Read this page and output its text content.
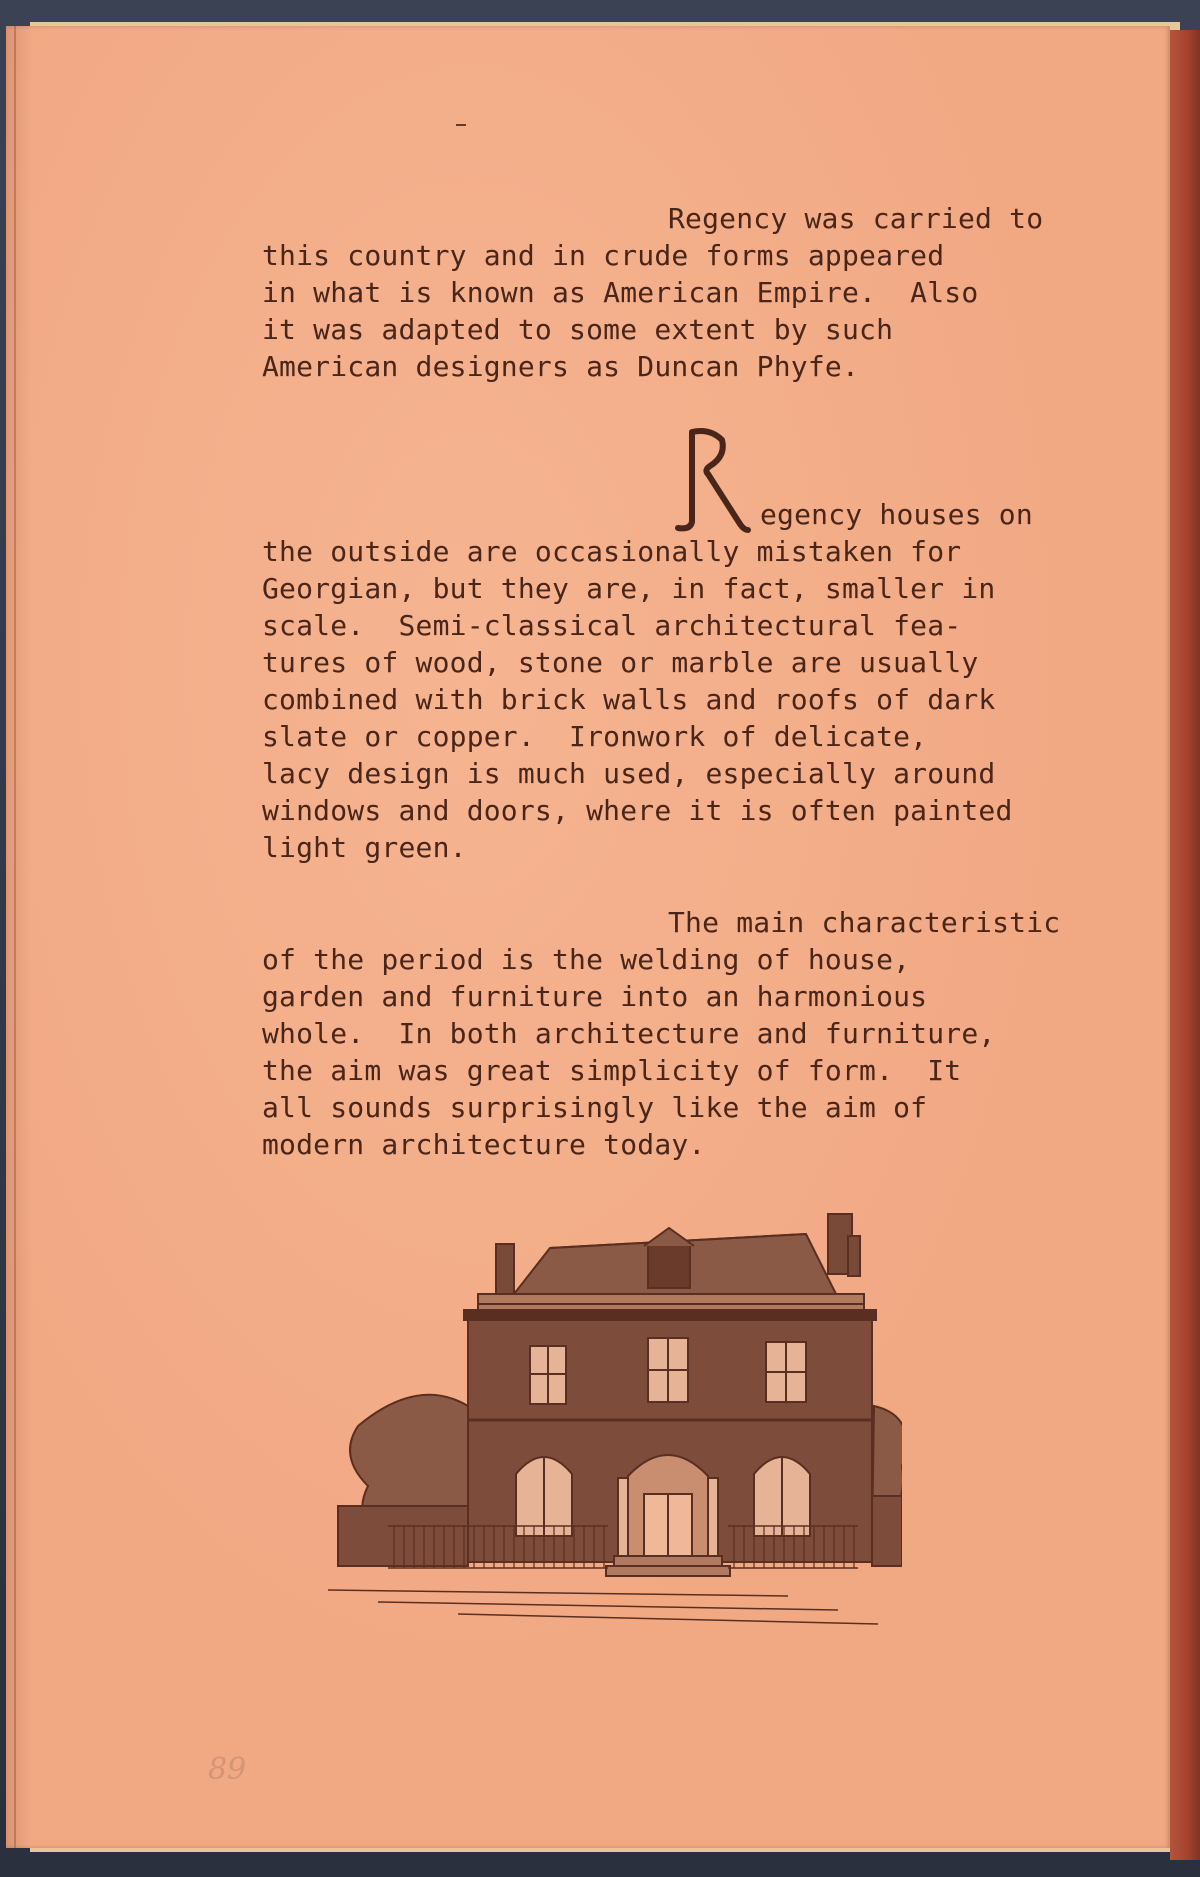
Regency was carried to
this country and in crude forms appeared
in what is known as American Empire.  Also
it was adapted to some extent by such
American designers as Duncan Phyfe.
egency houses on
the outside are occasionally mistaken for
Georgian, but they are, in fact, smaller in
scale.  Semi-classical architectural fea-
tures of wood, stone or marble are usually
combined with brick walls and roofs of dark
slate or copper.  Ironwork of delicate,
lacy design is much used, especially around
windows and doors, where it is often painted
light green.
The main characteristic
of the period is the welding of house,
garden and furniture into an harmonious
whole.  In both architecture and furniture,
the aim was great simplicity of form.  It
all sounds surprisingly like the aim of
modern architecture today.
89
